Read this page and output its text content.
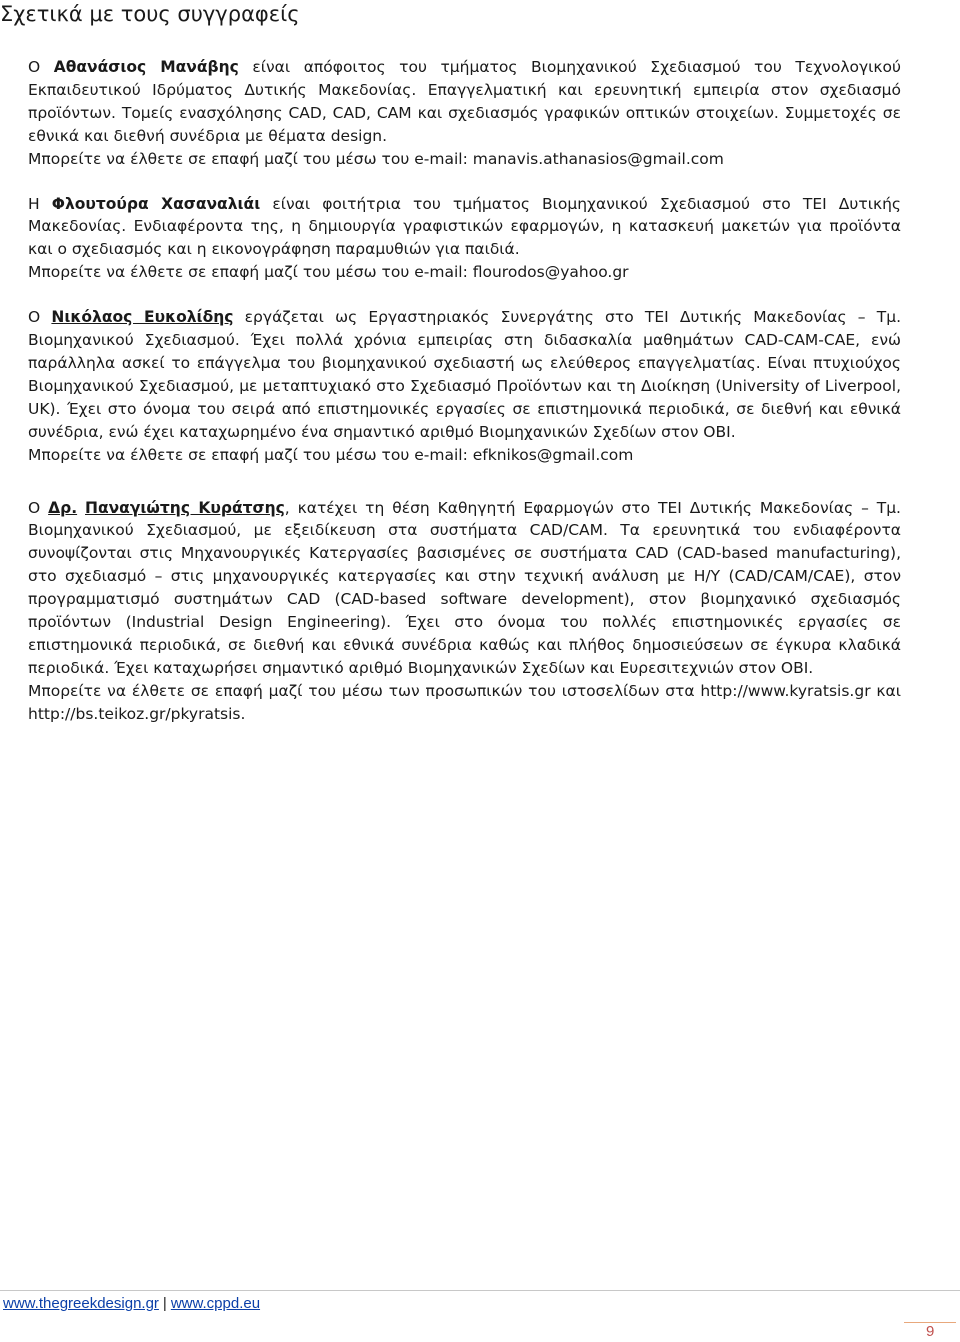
Σχετικά με τους συγγραφείς

Ο Αθανάσιος Μανάβης είναι απόφοιτος του τμήματος Βιομηχανικού Σχεδιασμού του Τεχνολογικού Εκπαιδευτικού Ιδρύματος Δυτικής Μακεδονίας. Επαγγελματική και ερευνητική εμπειρία στον σχεδιασμό προϊόντων. Τομείς ενασχόλησης CAD, CAD, CAM και σχεδιασμός γραφικών οπτικών στοιχείων. Συμμετοχές σε εθνικά και διεθνή συνέδρια με θέματα design.

Μπορείτε να έλθετε σε επαφή μαζί του μέσω του e-mail: manavis.athanasios@gmail.com

Η Φλουτούρα Χασαναλιάι είναι φοιτήτρια του τμήματος Βιομηχανικού Σχεδιασμού στο ΤΕΙ Δυτικής Μακεδονίας. Ενδιαφέροντα της, η δημιουργία γραφιστικών εφαρμογών, η κατασκευή μακετών για προϊόντα και ο σχεδιασμός και η εικονογράφηση παραμυθιών για παιδιά.

Μπορείτε να έλθετε σε επαφή μαζί του μέσω του e-mail: flourodos@yahoo.gr

Ο Νικόλαος Ευκολίδης εργάζεται ως Εργαστηριακός Συνεργάτης στο ΤΕΙ Δυτικής Μακεδονίας – Τμ. Βιομηχανικού Σχεδιασμού. Έχει πολλά χρόνια εμπειρίας στη διδασκαλία μαθημάτων CAD-CAM-CAE, ενώ παράλληλα ασκεί το επάγγελμα του βιομηχανικού σχεδιαστή ως ελεύθερος επαγγελματίας. Είναι πτυχιούχος Βιομηχανικού Σχεδιασμού, με μεταπτυχιακό στο Σχεδιασμό Προϊόντων και τη Διοίκηση (University of Liverpool, UK). Έχει στο όνομα του σειρά από επιστημονικές εργασίες σε επιστημονικά περιοδικά, σε διεθνή και εθνικά συνέδρια, ενώ έχει καταχωρημένο ένα σημαντικό αριθμό Βιομηχανικών Σχεδίων στον ΟΒΙ.

Μπορείτε να έλθετε σε επαφή μαζί του μέσω του e-mail: efknikos@gmail.com

Ο Δρ. Παναγιώτης Κυράτσης, κατέχει τη θέση Καθηγητή Εφαρμογών στο ΤΕΙ Δυτικής Μακεδονίας – Τμ. Βιομηχανικού Σχεδιασμού, με εξειδίκευση στα συστήματα CAD/CAM. Τα ερευνητικά του ενδιαφέροντα συνοψίζονται στις Μηχανουργικές Κατεργασίες βασισμένες σε συστήματα CAD (CAD-based manufacturing), στο σχεδιασμό – στις μηχανουργικές κατεργασίες και στην τεχνική ανάλυση με Η/Υ (CAD/CAM/CAE), στον προγραμματισμό συστημάτων CAD (CAD-based software development), στον βιομηχανικό σχεδιασμός προϊόντων (Industrial Design Engineering). Έχει στο όνομα του πολλές επιστημονικές εργασίες σε επιστημονικά περιοδικά, σε διεθνή και εθνικά συνέδρια καθώς και πλήθος δημοσιεύσεων σε έγκυρα κλαδικά περιοδικά. Έχει καταχωρήσει σημαντικό αριθμό Βιομηχανικών Σχεδίων και Ευρεσιτεχνιών στον ΟΒΙ.

Μπορείτε να έλθετε σε επαφή μαζί του μέσω των προσωπικών του ιστοσελίδων στα http://www.kyratsis.gr και http://bs.teikoz.gr/pkyratsis.

www.thegreekdesign.gr | www.cppd.eu
9
